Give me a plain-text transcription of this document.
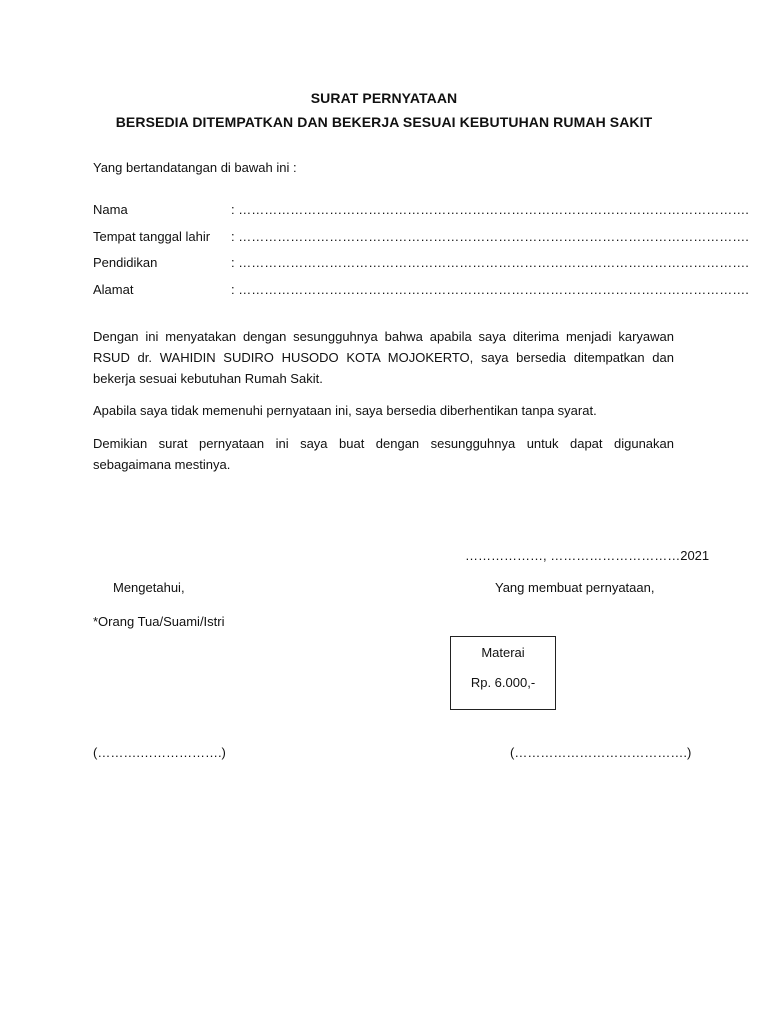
SURAT PERNYATAAN
BERSEDIA DITEMPATKAN DAN BEKERJA SESUAI KEBUTUHAN RUMAH SAKIT
Yang bertandatangan di bawah ini :
Nama	: ……………………………………………………………………………………………………….
Tempat tanggal lahir : ……………………………………………………………………………………………………….
Pendidikan	: ……………………………………………………………………………………………………….
Alamat	: ……………………………………………………………………………………………………….
Dengan ini menyatakan dengan sesungguhnya bahwa apabila saya diterima menjadi karyawan RSUD dr. WAHIDIN SUDIRO HUSODO KOTA MOJOKERTO, saya bersedia ditempatkan dan bekerja sesuai kebutuhan Rumah Sakit.
Apabila saya tidak memenuhi pernyataan ini, saya bersedia diberhentikan tanpa syarat.
Demikian surat pernyataan ini saya buat dengan sesungguhnya untuk dapat digunakan sebagaimana mestinya.
………………, …………………………2021
Mengetahui,	Yang membuat pernyataan,
*Orang Tua/Suami/Istri
Materai
Rp. 6.000,-
(……….……………….)	(………………………………….)
